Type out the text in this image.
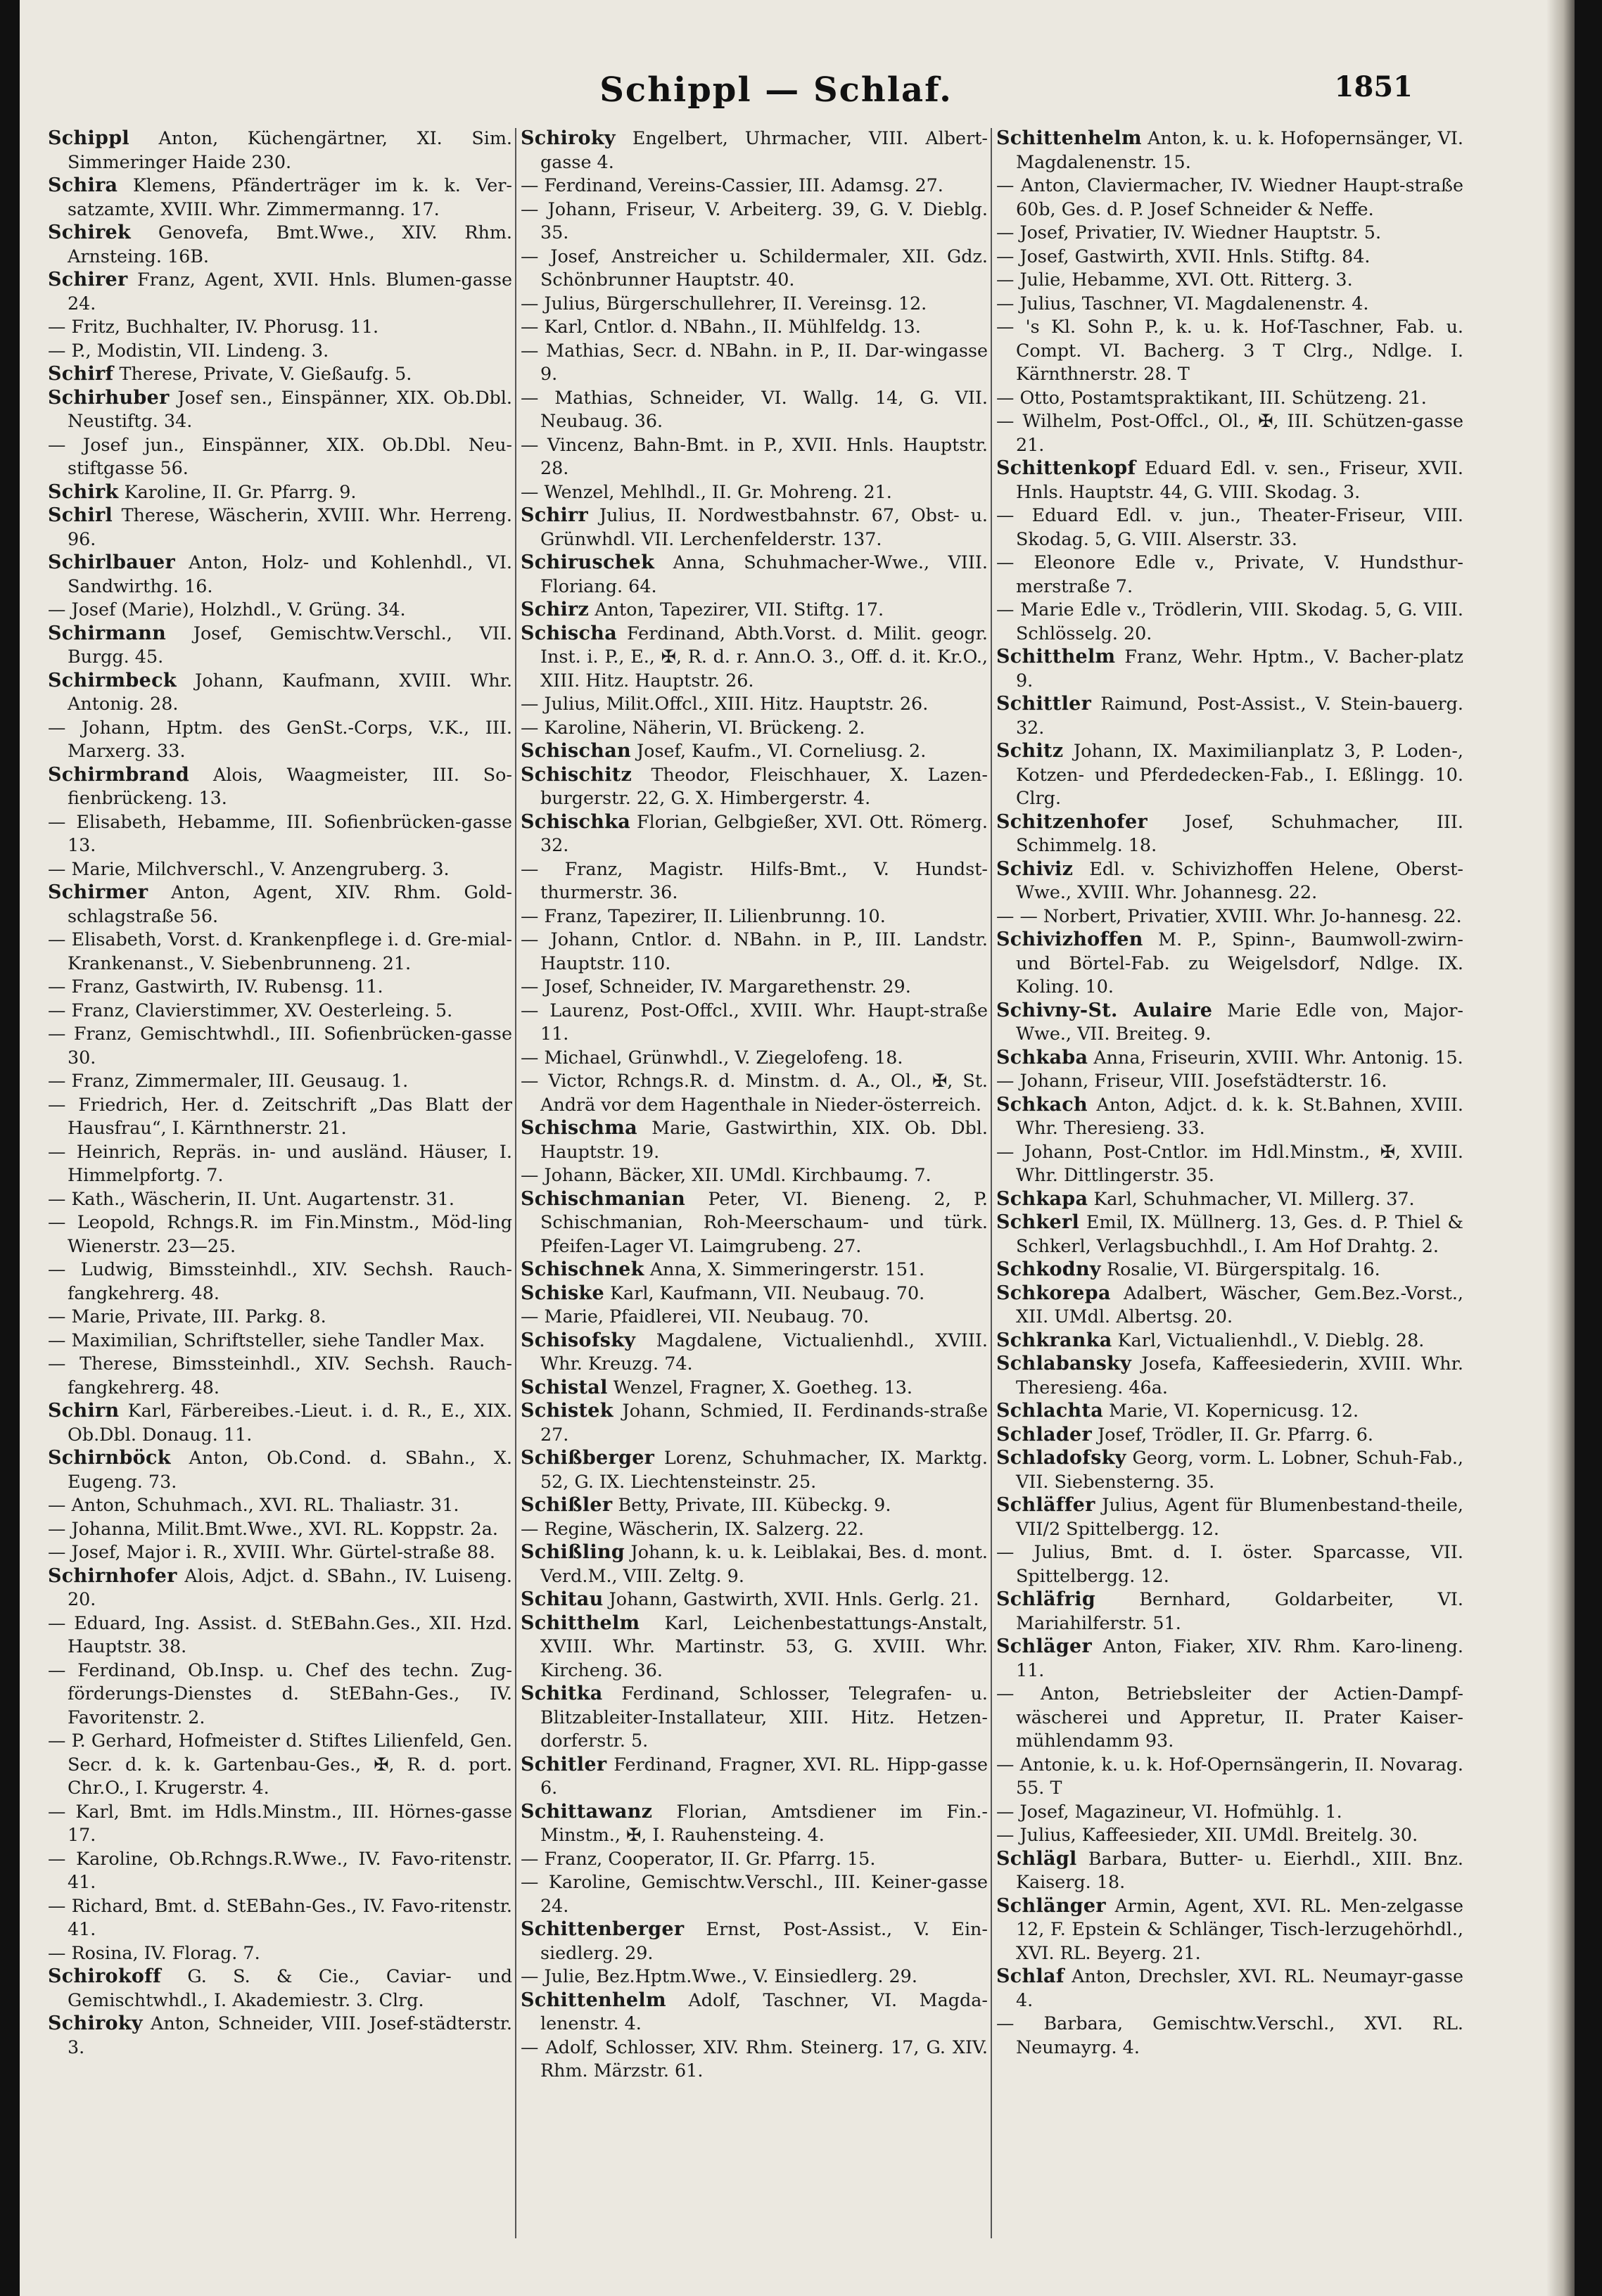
Schippl — Schlaf.	1851

Schippl Anton, Küchengärtner, XI. Sim. Simmeringer Haide 230.

Schira Klemens, Pfänderträger im k. k. Ver-satzamte, XVIII. Whr. Zimmermanng. 17.

Schirek Genovefa, Bmt.Wwe., XIV. Rhm. Arnsteing. 16B.

Schirer Franz, Agent, XVII. Hnls. Blumen-gasse 24.

— Fritz, Buchhalter, IV. Phorusg. 11.

— P., Modistin, VII. Lindeng. 3.

Schirf Therese, Private, V. Gießaufg. 5.

Schirhuber Josef sen., Einspänner, XIX. Ob.Dbl. Neustiftg. 34.

— Josef jun., Einspänner, XIX. Ob.Dbl. Neu-stiftgasse 56.

Schirk Karoline, II. Gr. Pfarrg. 9.

Schirl Therese, Wäscherin, XVIII. Whr. Herreng. 96.

Schirlbauer Anton, Holz- und Kohlenhdl., VI. Sandwirthg. 16.

— Josef (Marie), Holzhdl., V. Grüng. 34.

Schirmann Josef, Gemischtw.Verschl., VII. Burgg. 45.

Schirmbeck Johann, Kaufmann, XVIII. Whr. Antonig. 28.

— Johann, Hptm. des GenSt.-Corps, V.K., III. Marxerg. 33.

Schirmbrand Alois, Waagmeister, III. So-fienbrückeng. 13.

— Elisabeth, Hebamme, III. Sofienbrücken-gasse 13.

— Marie, Milchverschl., V. Anzengruberg. 3.

Schirmer Anton, Agent, XIV. Rhm. Gold-schlagstraße 56.

— Elisabeth, Vorst. d. Krankenpflege i. d. Gre-mial-Krankenanst., V. Siebenbrunneng. 21.

— Franz, Gastwirth, IV. Rubensg. 11.

— Franz, Clavierstimmer, XV. Oesterleing. 5.

— Franz, Gemischtwhdl., III. Sofienbrücken-gasse 30.

— Franz, Zimmermaler, III. Geusaug. 1.

— Friedrich, Her. d. Zeitschrift „Das Blatt der Hausfrau“, I. Kärnthnerstr. 21.

— Heinrich, Repräs. in- und ausländ. Häuser, I. Himmelpfortg. 7.

— Kath., Wäscherin, II. Unt. Augartenstr. 31.

— Leopold, Rchngs.R. im Fin.Minstm., Möd-ling Wienerstr. 23—25.

— Ludwig, Bimssteinhdl., XIV. Sechsh. Rauch-fangkehrerg. 48.

— Marie, Private, III. Parkg. 8.

— Maximilian, Schriftsteller, siehe Tandler Max.

— Therese, Bimssteinhdl., XIV. Sechsh. Rauch-fangkehrerg. 48.

Schirn Karl, Färbereibes.-Lieut. i. d. R., E., XIX. Ob.Dbl. Donaug. 11.

Schirnböck Anton, Ob.Cond. d. SBahn., X. Eugeng. 73.

— Anton, Schuhmach., XVI. RL. Thaliastr. 31.

— Johanna, Milit.Bmt.Wwe., XVI. RL. Koppstr. 2a.

— Josef, Major i. R., XVIII. Whr. Gürtel-straße 88.

Schirnhofer Alois, Adjct. d. SBahn., IV. Luiseng. 20.

— Eduard, Ing. Assist. d. StEBahn.Ges., XII. Hzd. Hauptstr. 38.

— Ferdinand, Ob.Insp. u. Chef des techn. Zug-förderungs-Dienstes d. StEBahn-Ges., IV. Favoritenstr. 2.

— P. Gerhard, Hofmeister d. Stiftes Lilienfeld, Gen. Secr. d. k. k. Gartenbau-Ges., ✠, R. d. port. Chr.O., I. Krugerstr. 4.

— Karl, Bmt. im Hdls.Minstm., III. Hörnes-gasse 17.

— Karoline, Ob.Rchngs.R.Wwe., IV. Favo-ritenstr. 41.

— Richard, Bmt. d. StEBahn-Ges., IV. Favo-ritenstr. 41.

— Rosina, IV. Florag. 7.

Schirokoff G. S. & Cie., Caviar- und Gemischtwhdl., I. Akademiestr. 3. Clrg.

Schiroky Anton, Schneider, VIII. Josef-städterstr. 3.

Schiroky Engelbert, Uhrmacher, VIII. Albert-gasse 4.

— Ferdinand, Vereins-Cassier, III. Adamsg. 27.

— Johann, Friseur, V. Arbeiterg. 39, G. V. Dieblg. 35.

— Josef, Anstreicher u. Schildermaler, XII. Gdz. Schönbrunner Hauptstr. 40.

— Julius, Bürgerschullehrer, II. Vereinsg. 12.

— Karl, Cntlor. d. NBahn., II. Mühlfeldg. 13.

— Mathias, Secr. d. NBahn. in P., II. Dar-wingasse 9.

— Mathias, Schneider, VI. Wallg. 14, G. VII. Neubaug. 36.

— Vincenz, Bahn-Bmt. in P., XVII. Hnls. Hauptstr. 28.

— Wenzel, Mehlhdl., II. Gr. Mohreng. 21.

Schirr Julius, II. Nordwestbahnstr. 67, Obst- u. Grünwhdl. VII. Lerchenfelderstr. 137.

Schiruschek Anna, Schuhmacher-Wwe., VIII. Floriang. 64.

Schirz Anton, Tapezirer, VII. Stiftg. 17.

Schischa Ferdinand, Abth.Vorst. d. Milit. geogr. Inst. i. P., E., ✠, R. d. r. Ann.O. 3., Off. d. it. Kr.O., XIII. Hitz. Hauptstr. 26.

— Julius, Milit.Offcl., XIII. Hitz. Hauptstr. 26.

— Karoline, Näherin, VI. Brückeng. 2.

Schischan Josef, Kaufm., VI. Corneliusg. 2.

Schischitz Theodor, Fleischhauer, X. Lazen-burgerstr. 22, G. X. Himbergerstr. 4.

Schischka Florian, Gelbgießer, XVI. Ott. Römerg. 32.

— Franz, Magistr. Hilfs-Bmt., V. Hundst-thurmerstr. 36.

— Franz, Tapezirer, II. Lilienbrunng. 10.

— Johann, Cntlor. d. NBahn. in P., III. Landstr. Hauptstr. 110.

— Josef, Schneider, IV. Margarethenstr. 29.

— Laurenz, Post-Offcl., XVIII. Whr. Haupt-straße 11.

— Michael, Grünwhdl., V. Ziegelofeng. 18.

— Victor, Rchngs.R. d. Minstm. d. A., Ol., ✠, St. Andrä vor dem Hagenthale in Nieder-österreich.

Schischma Marie, Gastwirthin, XIX. Ob. Dbl. Hauptstr. 19.

— Johann, Bäcker, XII. UMdl. Kirchbaumg. 7.

Schischmanian Peter, VI. Bieneng. 2, P. Schischmanian, Roh-Meerschaum- und türk. Pfeifen-Lager VI. Laimgrubeng. 27.

Schischnek Anna, X. Simmeringerstr. 151.

Schiske Karl, Kaufmann, VII. Neubaug. 70.

— Marie, Pfaidlerei, VII. Neubaug. 70.

Schisofsky Magdalene, Victualienhdl., XVIII. Whr. Kreuzg. 74.

Schistal Wenzel, Fragner, X. Goetheg. 13.

Schistek Johann, Schmied, II. Ferdinands-straße 27.

Schißberger Lorenz, Schuhmacher, IX. Marktg. 52, G. IX. Liechtensteinstr. 25.

Schißler Betty, Private, III. Kübeckg. 9.

— Regine, Wäscherin, IX. Salzerg. 22.

Schißling Johann, k. u. k. Leiblakai, Bes. d. mont. Verd.M., VIII. Zeltg. 9.

Schitau Johann, Gastwirth, XVII. Hnls. Gerlg. 21.

Schitthelm Karl, Leichenbestattungs-Anstalt, XVIII. Whr. Martinstr. 53, G. XVIII. Whr. Kircheng. 36.

Schitka Ferdinand, Schlosser, Telegrafen- u. Blitzableiter-Installateur, XIII. Hitz. Hetzen-dorferstr. 5.

Schitler Ferdinand, Fragner, XVI. RL. Hipp-gasse 6.

Schittawanz Florian, Amtsdiener im Fin.-Minstm., ✠, I. Rauhensteing. 4.

— Franz, Cooperator, II. Gr. Pfarrg. 15.

— Karoline, Gemischtw.Verschl., III. Keiner-gasse 24.

Schittenberger Ernst, Post-Assist., V. Ein-siedlerg. 29.

— Julie, Bez.Hptm.Wwe., V. Einsiedlerg. 29.

Schittenhelm Adolf, Taschner, VI. Magda-lenenstr. 4.

— Adolf, Schlosser, XIV. Rhm. Steinerg. 17, G. XIV. Rhm. Märzstr. 61.

Schittenhelm Anton, k. u. k. Hofopernsänger, VI. Magdalenenstr. 15.

— Anton, Claviermacher, IV. Wiedner Haupt-straße 60b, Ges. d. P. Josef Schneider & Neffe.

— Josef, Privatier, IV. Wiedner Hauptstr. 5.

— Josef, Gastwirth, XVII. Hnls. Stiftg. 84.

— Julie, Hebamme, XVI. Ott. Ritterg. 3.

— Julius, Taschner, VI. Magdalenenstr. 4.

— 's Kl. Sohn P., k. u. k. Hof-Taschner, Fab. u. Compt. VI. Bacherg. 3 T Clrg., Ndlge. I. Kärnthnerstr. 28. T

— Otto, Postamtspraktikant, III. Schützeng. 21.

— Wilhelm, Post-Offcl., Ol., ✠, III. Schützen-gasse 21.

Schittenkopf Eduard Edl. v. sen., Friseur, XVII. Hnls. Hauptstr. 44, G. VIII. Skodag. 3.

— Eduard Edl. v. jun., Theater-Friseur, VIII. Skodag. 5, G. VIII. Alserstr. 33.

— Eleonore Edle v., Private, V. Hundsthur-merstraße 7.

— Marie Edle v., Trödlerin, VIII. Skodag. 5, G. VIII. Schlösselg. 20.

Schitthelm Franz, Wehr. Hptm., V. Bacher-platz 9.

Schittler Raimund, Post-Assist., V. Stein-bauerg. 32.

Schitz Johann, IX. Maximilianplatz 3, P. Loden-, Kotzen- und Pferdedecken-Fab., I. Eßlingg. 10. Clrg.

Schitzenhofer Josef, Schuhmacher, III. Schimmelg. 18.

Schiviz Edl. v. Schivizhoffen Helene, Oberst-Wwe., XVIII. Whr. Johannesg. 22.

— — Norbert, Privatier, XVIII. Whr. Jo-hannesg. 22.

Schivizhoffen M. P., Spinn-, Baumwoll-zwirn- und Börtel-Fab. zu Weigelsdorf, Ndlge. IX. Koling. 10.

Schivny-St. Aulaire Marie Edle von, Major-Wwe., VII. Breiteg. 9.

Schkaba Anna, Friseurin, XVIII. Whr. Antonig. 15.

— Johann, Friseur, VIII. Josefstädterstr. 16.

Schkach Anton, Adjct. d. k. k. St.Bahnen, XVIII. Whr. Theresieng. 33.

— Johann, Post-Cntlor. im Hdl.Minstm., ✠, XVIII. Whr. Dittlingerstr. 35.

Schkapa Karl, Schuhmacher, VI. Millerg. 37.

Schkerl Emil, IX. Müllnerg. 13, Ges. d. P. Thiel & Schkerl, Verlagsbuchhdl., I. Am Hof Drahtg. 2.

Schkodny Rosalie, VI. Bürgerspitalg. 16.

Schkorepa Adalbert, Wäscher, Gem.Bez.-Vorst., XII. UMdl. Albertsg. 20.

Schkranka Karl, Victualienhdl., V. Dieblg. 28.

Schlabansky Josefa, Kaffeesiederin, XVIII. Whr. Theresieng. 46a.

Schlachta Marie, VI. Kopernicusg. 12.

Schlader Josef, Trödler, II. Gr. Pfarrg. 6.

Schladofsky Georg, vorm. L. Lobner, Schuh-Fab., VII. Siebensterng. 35.

Schläffer Julius, Agent für Blumenbestand-theile, VII/2 Spittelbergg. 12.

— Julius, Bmt. d. I. öster. Sparcasse, VII. Spittelbergg. 12.

Schläfrig Bernhard, Goldarbeiter, VI. Mariahilferstr. 51.

Schläger Anton, Fiaker, XIV. Rhm. Karo-lineng. 11.

— Anton, Betriebsleiter der Actien-Dampf-wäscherei und Appretur, II. Prater Kaiser-mühlendamm 93.

— Antonie, k. u. k. Hof-Opernsängerin, II. Novarag. 55. T

— Josef, Magazineur, VI. Hofmühlg. 1.

— Julius, Kaffeesieder, XII. UMdl. Breitelg. 30.

Schlägl Barbara, Butter- u. Eierhdl., XIII. Bnz. Kaiserg. 18.

Schlänger Armin, Agent, XVI. RL. Men-zelgasse 12, F. Epstein & Schlänger, Tisch-lerzugehörhdl., XVI. RL. Beyerg. 21.

Schlaf Anton, Drechsler, XVI. RL. Neumayr-gasse 4.

— Barbara, Gemischtw.Verschl., XVI. RL. Neumayrg. 4.
